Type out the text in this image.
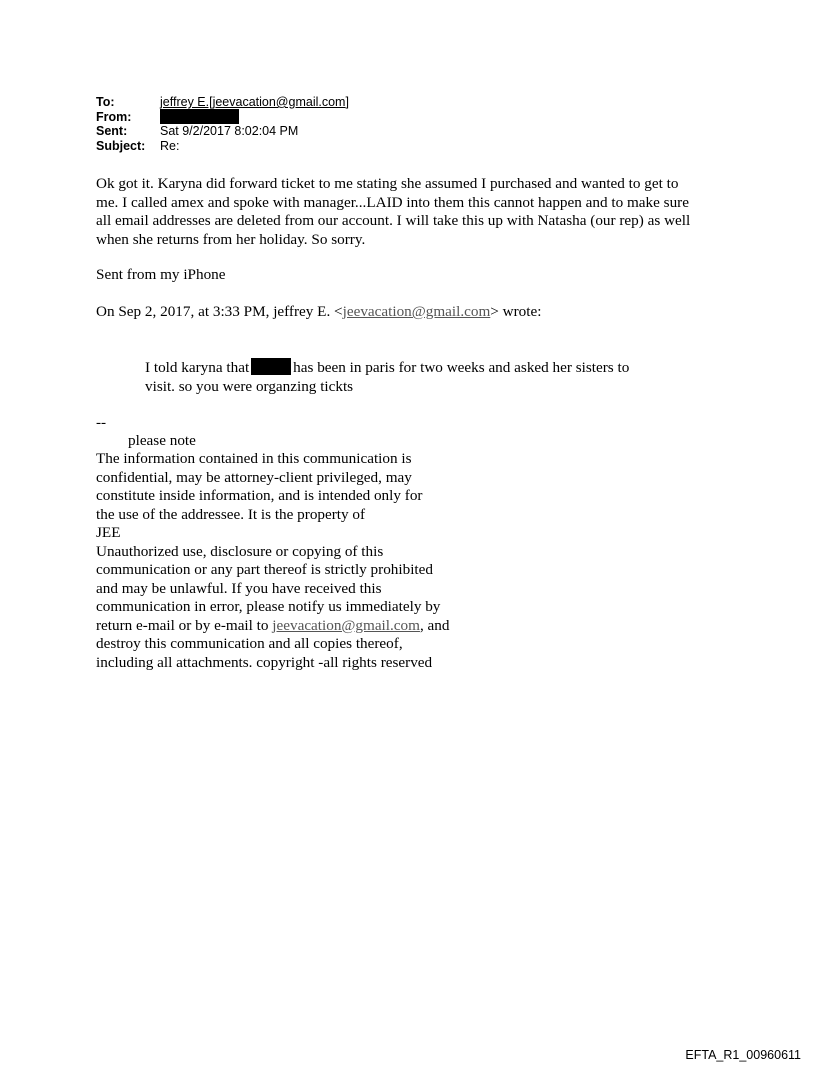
To:	jeffrey E.[jeevacation@gmail.com]
From:
Sent:	Sat 9/2/2017 8:02:04 PM
Subject:	Re:
Ok got it. Karyna did forward ticket to me stating she assumed I purchased and wanted to get to
me. I called amex and spoke with manager...LAID into them this cannot happen and to make sure
all email addresses are deleted from our account. I will take this up with Natasha (our rep) as well
when she returns from her holiday. So sorry.
Sent from my iPhone
On Sep 2, 2017, at 3:33 PM, jeffrey E. <jeevacation@gmail.com> wrote:
I told karyna that	has been in paris for two weeks and asked her sisters to
visit. so you were organzing tickts
--
please note
The information contained in this communication is
confidential, may be attorney-client privileged, may
constitute inside information, and is intended only for
the use of the addressee. It is the property of
JEE
Unauthorized use, disclosure or copying of this
communication or any part thereof is strictly prohibited
and may be unlawful. If you have received this
communication in error, please notify us immediately by
return e-mail or by e-mail to jeevacation@gmail.com, and
destroy this communication and all copies thereof,
including all attachments. copyright -all rights reserved
EFTA_R1_00960611
